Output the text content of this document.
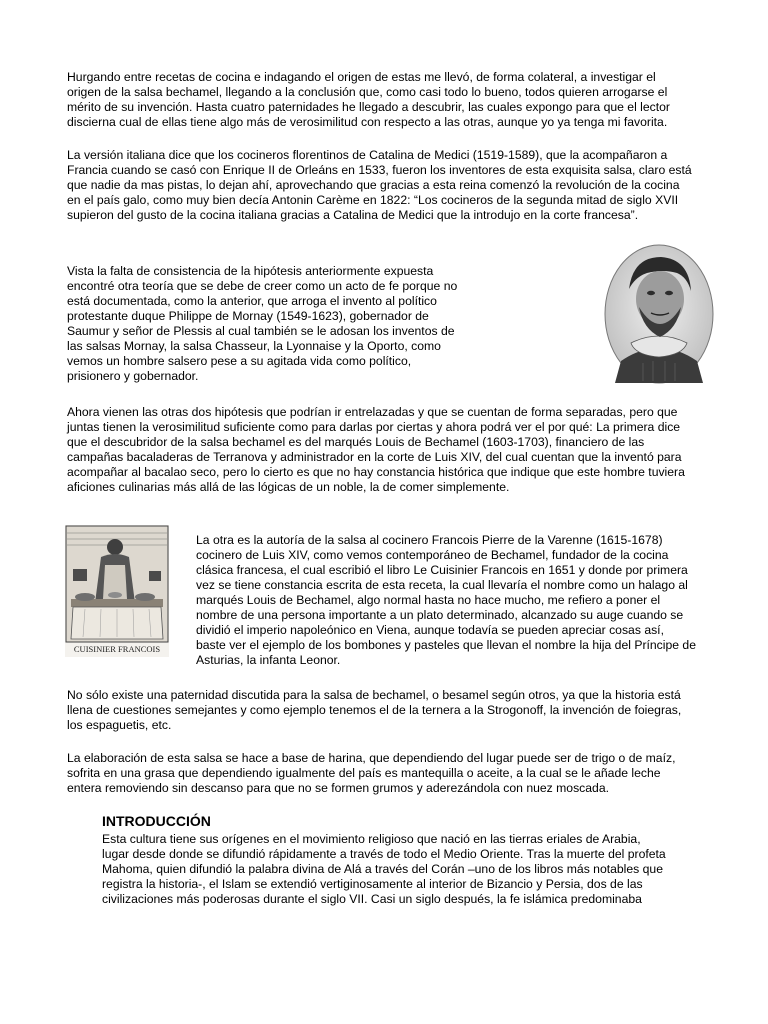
Hurgando entre recetas de cocina e indagando el origen de estas me llevó, de forma colateral, a investigar el
origen de la salsa bechamel, llegando a la conclusión que, como casi todo lo bueno, todos quieren arrogarse el
mérito de su invención. Hasta cuatro paternidades he llegado a descubrir, las cuales expongo para que el lector
discierna cual de ellas tiene algo más de verosimilitud con respecto a las otras, aunque yo ya tenga mi favorita.

La versión italiana dice que los cocineros florentinos de Catalina de Medici (1519-1589), que la acompañaron a
Francia cuando se casó con Enrique II de Orleáns en 1533, fueron los inventores de esta exquisita salsa, claro está
que nadie da mas pistas, lo dejan ahí, aprovechando que gracias a esta reina comenzó la revolución de la cocina
en el país galo, como muy bien decía Antonin Carème en 1822: “Los cocineros de la segunda mitad de siglo XVII
supieron del gusto de la cocina italiana gracias a Catalina de Medici que la introdujo en la corte francesa”.

Vista la falta de consistencia de la hipótesis anteriormente expuesta
encontré otra teoría que se debe de creer como un acto de fe porque no
está documentada, como la anterior, que arroga el invento al político
protestante duque Philippe de Mornay (1549-1623), gobernador de
Saumur y señor de Plessis al cual también se le adosan los inventos de
las salsas Mornay, la salsa Chasseur, la Lyonnaise y la Oporto, como
vemos un hombre salsero pese a su agitada vida como político,
prisionero y gobernador.

Ahora vienen las otras dos hipótesis que podrían ir entrelazadas y que se cuentan de forma separadas, pero que
juntas tienen la verosimilitud suficiente como para darlas por ciertas y ahora podrá ver el por qué: La primera dice
que el descubridor de la salsa bechamel es del marqués Louis de Bechamel (1603-1703), financiero de las
campañas bacaladeras de Terranova y administrador en la corte de Luis XIV, del cual cuentan que la inventó para
acompañar al bacalao seco, pero lo cierto es que no hay constancia histórica que indique que este hombre tuviera
aficiones culinarias más allá de las lógicas de un noble, la de comer simplemente.

CUISINIER FRANCOIS

La otra es la autoría de la salsa al cocinero Francois Pierre de la Varenne (1615-1678)
cocinero de Luis XIV, como vemos contemporáneo de Bechamel, fundador de la cocina
clásica francesa, el cual escribió el libro Le Cuisinier Francois en 1651 y donde por primera
vez se tiene constancia escrita de esta receta, la cual llevaría el nombre como un halago al
marqués Louis de Bechamel, algo normal hasta no hace mucho, me refiero a poner el
nombre de una persona importante a un plato determinado, alcanzado su auge cuando se
dividió el imperio napoleónico en Viena, aunque todavía se pueden apreciar cosas así,
baste ver el ejemplo de los bombones y pasteles que llevan el nombre la hija del Príncipe de
Asturias, la infanta Leonor.

No sólo existe una paternidad discutida para la salsa de bechamel, o besamel según otros, ya que la historia está
llena de cuestiones semejantes y como ejemplo tenemos el de la ternera a la Strogonoff, la invención de foiegras,
los espaguetis, etc.

La elaboración de esta salsa se hace a base de harina, que dependiendo del lugar puede ser de trigo o de maíz,
sofrita en una grasa que dependiendo igualmente del país es mantequilla o aceite, a la cual se le añade leche
entera removiendo sin descanso para que no se formen grumos y aderezándola con nuez moscada.

INTRODUCCIÓN

Esta cultura tiene sus orígenes en el movimiento religioso que nació en las tierras eriales de Arabia,
lugar desde donde se difundió rápidamente a través de todo el Medio Oriente. Tras la muerte del profeta
Mahoma, quien difundió la palabra divina de Alá a través del Corán –uno de los libros más notables que
registra la historia-, el Islam se extendió vertiginosamente al interior de Bizancio y Persia, dos de las
civilizaciones más poderosas durante el siglo VII. Casi un siglo después, la fe islámica predominaba
